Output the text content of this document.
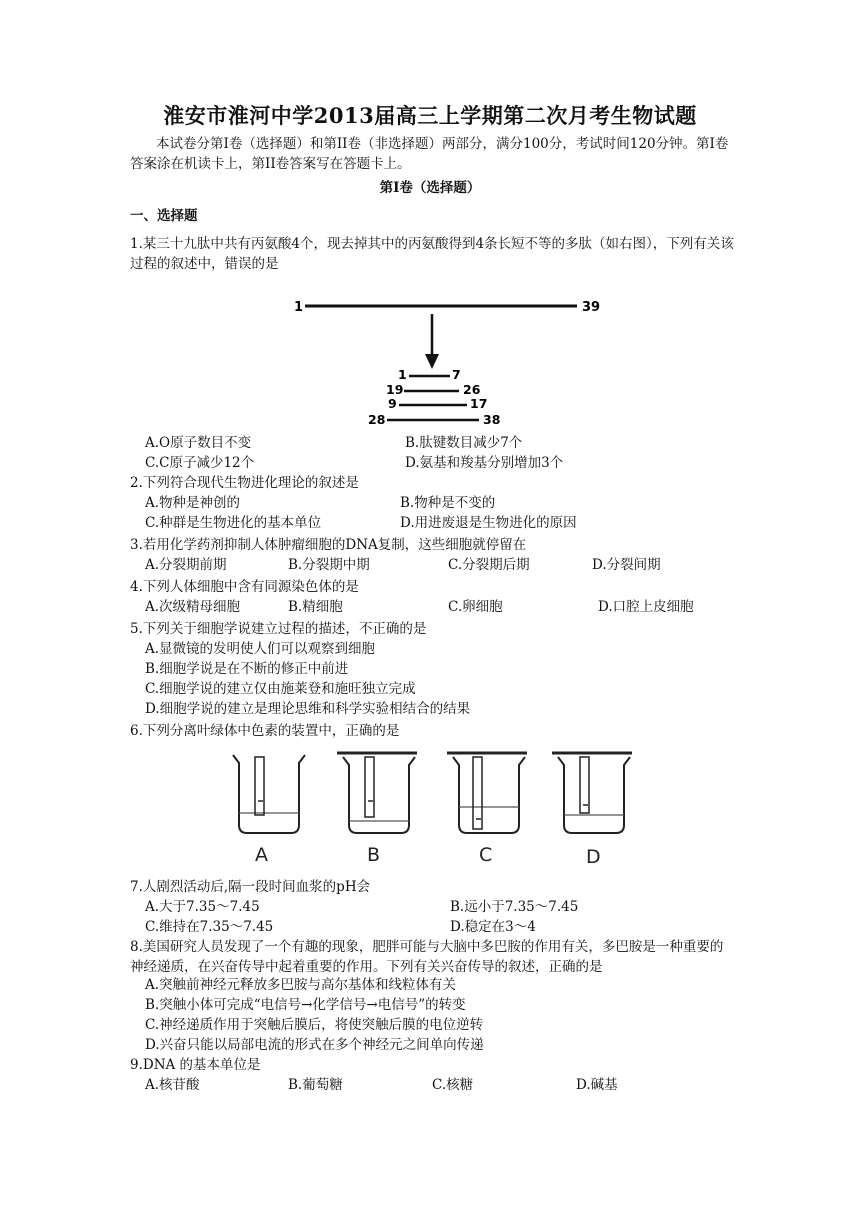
淮安市淮河中学2013届高三上学期第二次月考生物试题
本试卷分第Ⅰ卷（选择题）和第II卷（非选择题）两部分，满分100分，考试时间120分钟。第Ⅰ卷答案涂在机读卡上，第II卷答案写在答题卡上。
第Ⅰ卷（选择题）
一、选择题
1.某三十九肽中共有丙氨酸4个，现去掉其中的丙氨酸得到4条长短不等的多肽（如右图），下列有关该过程的叙述中，错误的是
1	39
1	7
19	26
9	17
28	38
A.O原子数目不变	B.肽键数目减少7个
C.C原子减少12个	D.氨基和羧基分别增加3个
2.下列符合现代生物进化理论的叙述是
A.物种是神创的	B.物种是不变的
C.种群是生物进化的基本单位	D.用进废退是生物进化的原因
3.若用化学药剂抑制人体肿瘤细胞的DNA复制，这些细胞就停留在
A.分裂期前期	B.分裂期中期	C.分裂期后期	D.分裂间期
4.下列人体细胞中含有同源染色体的是
A.次级精母细胞	B.精细胞	C.卵细胞	D.口腔上皮细胞
5.下列关于细胞学说建立过程的描述，不正确的是
A.显微镜的发明使人们可以观察到细胞
B.细胞学说是在不断的修正中前进
C.细胞学说的建立仅由施莱登和施旺独立完成
D.细胞学说的建立是理论思维和科学实验相结合的结果
6.下列分离叶绿体中色素的装置中，正确的是
A	B	C	D
7.人剧烈活动后,隔一段时间血浆的pH会
A.大于7.35～7.45	B.远小于7.35～7.45
C.维持在7.35～7.45	D.稳定在3～4
8.美国研究人员发现了一个有趣的现象，肥胖可能与大脑中多巴胺的作用有关，多巴胺是一种重要的神经递质，在兴奋传导中起着重要的作用。下列有关兴奋传导的叙述，正确的是
A.突触前神经元释放多巴胺与高尔基体和线粒体有关
B.突触小体可完成“电信号→化学信号→电信号”的转变
C.神经递质作用于突触后膜后，将使突触后膜的电位逆转
D.兴奋只能以局部电流的形式在多个神经元之间单向传递
9.DNA 的基本单位是
A.核苷酸	B.葡萄糖	C.核糖	D.碱基
